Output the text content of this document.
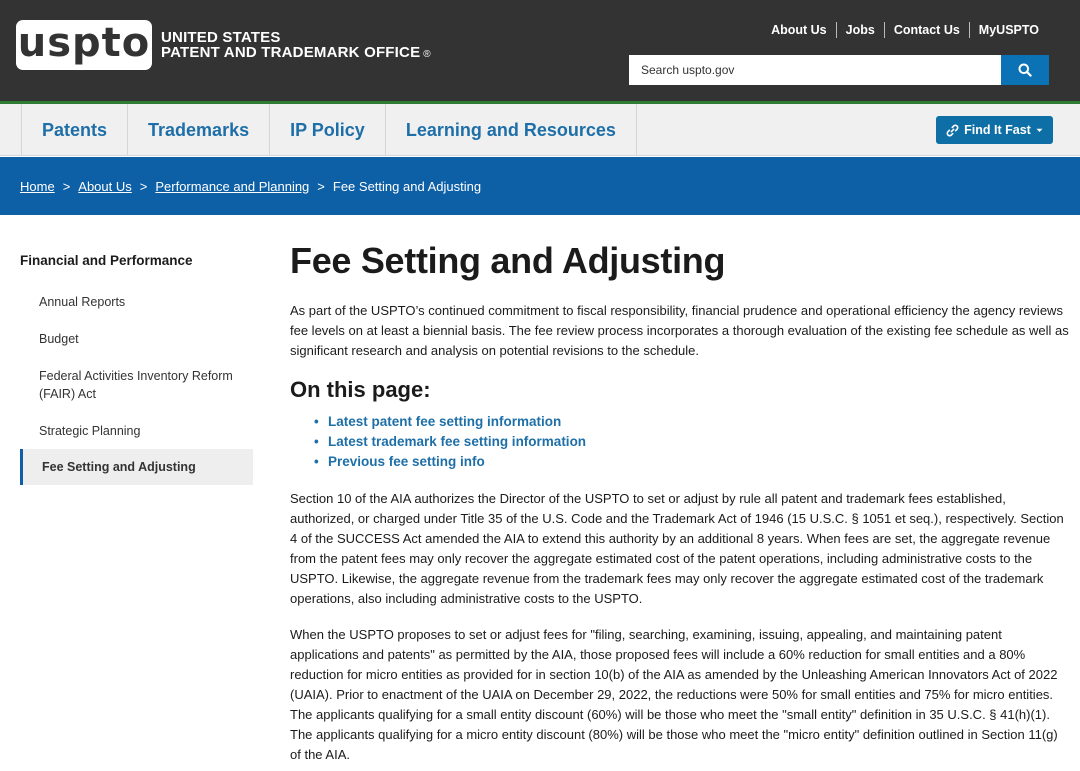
uspto UNITED STATES
PATENT AND TRADEMARK OFFICE ®
About Us	Jobs	Contact Us	MyUSPTO
Search uspto.gov
Patents	Trademarks	IP Policy	Learning and Resources	Find It Fast
Home > About Us > Performance and Planning > Fee Setting and Adjusting
Financial and Performance
Annual Reports
Budget
Federal Activities Inventory Reform (FAIR) Act
Strategic Planning
Fee Setting and Adjusting
Fee Setting and Adjusting

As part of the USPTO’s continued commitment to fiscal responsibility, financial prudence and operational efficiency the agency reviews fee levels on at least a biennial basis. The fee review process incorporates a thorough evaluation of the existing fee schedule as well as significant research and analysis on potential revisions to the schedule.

On this page:
• Latest patent fee setting information
• Latest trademark fee setting information
• Previous fee setting info

Section 10 of the AIA authorizes the Director of the USPTO to set or adjust by rule all patent and trademark fees established, authorized, or charged under Title 35 of the U.S. Code and the Trademark Act of 1946 (15 U.S.C. § 1051 et seq.), respectively. Section 4 of the SUCCESS Act amended the AIA to extend this authority by an additional 8 years. When fees are set, the aggregate revenue from the patent fees may only recover the aggregate estimated cost of the patent operations, including administrative costs to the USPTO. Likewise, the aggregate revenue from the trademark fees may only recover the aggregate estimated cost of the trademark operations, also including administrative costs to the USPTO.

When the USPTO proposes to set or adjust fees for "filing, searching, examining, issuing, appealing, and maintaining patent applications and patents" as permitted by the AIA, those proposed fees will include a 60% reduction for small entities and a 80% reduction for micro entities as provided for in section 10(b) of the AIA as amended by the Unleashing American Innovators Act of 2022 (UAIA). Prior to enactment of the UAIA on December 29, 2022, the reductions were 50% for small entities and 75% for micro entities. The applicants qualifying for a small entity discount (60%) will be those who meet the "small entity" definition in 35 U.S.C. § 41(h)(1). The applicants qualifying for a micro entity discount (80%) will be those who meet the "micro entity" definition outlined in Section 11(g) of the AIA.
